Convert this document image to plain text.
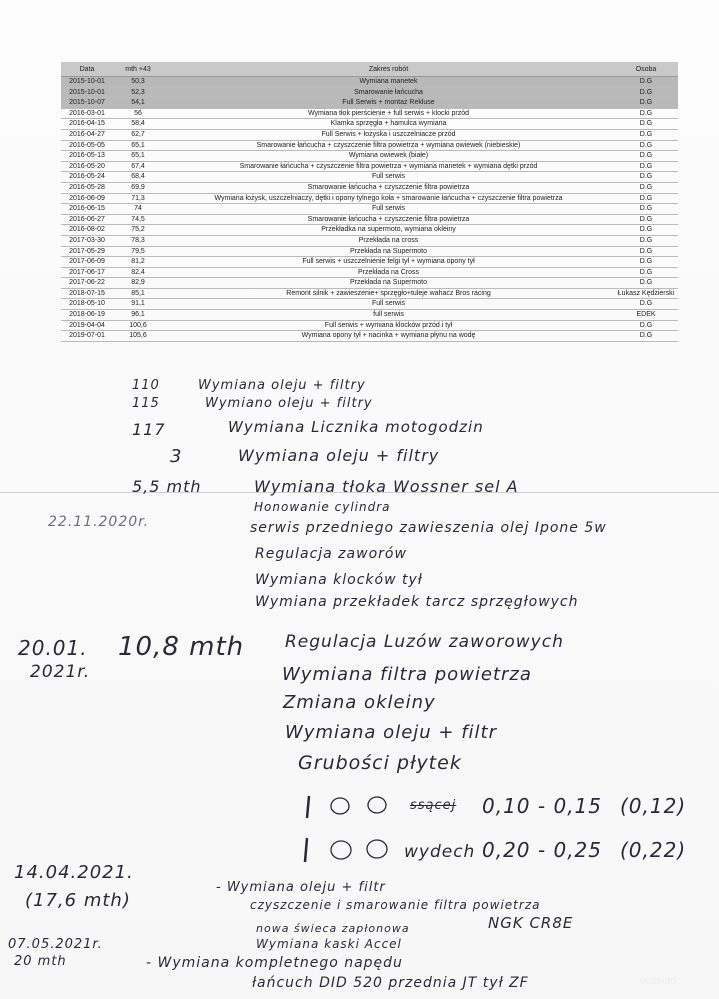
Data	mth +43	Zakres robót	Osoba
2015-10-01	50,3	Wymiana manetek	D.G
2015-10-01	52,3	Smarowanie łańcucha	D.G
2015-10-07	54,1	Full Serwis + montaż Rekluse	D.G
2016-03-01	56	Wymiana tłok pierścienie + full serwis + klocki przód	D.G
2016-04-15	58,4	Klamka sprzęgła + hamulca wymiana	D.G
2016-04-27	62,7	Full Serwis + łożyska i uszczelniacze przód	D.G
2016-05-05	65,1	Smarowanie łańcucha + czyszczenie filtra powietrza + wymiana owiewek (niebieskie)	D.G
2016-05-13	65,1	Wymiana owiewek (białe)	D.G
2016-05-20	67,4	Smarowanie łańcucha + czyszczenie filtra powietrza + wymiana manetek + wymiana dętki przód	D.G
2016-05-24	68,4	Full serwis	D.G
2016-05-28	69,9	Smarowanie łańcucha + czyszczenie filtra powietrza	D.G
2016-06-09	71,3	Wymiana łożysk, uszczelniaczy, dętki i opony tylnego koła + smarowanie łańcucha + czyszczenie filtra powietrza	D.G
2016-06-15	74	Full serwis	D.G
2016-06-27	74,5	Smarowanie łańcucha + czyszczenie filtra powietrza	D.G
2016-08-02	75,2	Przekładka na supermoto, wymiana okleiny	D.G
2017-03-30	78,3	Przekłada na cross	D.G
2017-05-29	79,5	Przekłada na Supermoto	D.G
2017-06-09	81,2	Full serwis + uszczelnienie felgi tył + wymiana opony tył	D.G
2017-06-17	82,4	Przekłada na Cross	D.G
2017-06-22	82,9	Przekłada na Supermoto	D.G
2018-07-15	85,1	Remont silnik + zawieszenie+ sprzęgło+tuleje wahacz Bros racing	Łukasz Kędzierski
2018-05-10	91,1	Full serwis	D.G
2018-06-19	96,1	full serwis	EDEK
2019-04-04	100,6	Full serwis + wymiana klocków przód i tył	D.G
2019-07-01	105,6	Wymiana opony tył + nacinka + wymiana płynu na wodę	D.G
110	Wymiana oleju + filtry
115	Wymiano oleju + filtry
117	Wymiana Licznika motogodzin
3	Wymiana oleju + filtry
5,5 mth	Wymiana tłoka Wossner sel A
Honowanie cylindra
22.11.2020r.	serwis przedniego zawieszenia olej Ipone 5w
Regulacja zaworów
Wymiana klocków tył
Wymiana przekładek tarcz sprzęgłowych
20.01.
2021r.
10,8 mth Regulacja Luzów zaworowych
Wymiana filtra powietrza
Zmiana okleiny
Wymiana oleju + filtr
Grubości płytek
ssącej 0,10 - 0,15 (0,12)
wydech 0,20 - 0,25 (0,22)
14.04.2021.
(17,6 mth)
- Wymiana oleju + filtr
czyszczenie i smarowanie filtra powietrza
nowa świeca zapłonowa	NGK CR8E
Wymiana kaski Accel
07.05.2021r.
20 mth	- Wymiana kompletnego napędu
łańcuch DID 520 przednia JT tył ZF	otomoto
